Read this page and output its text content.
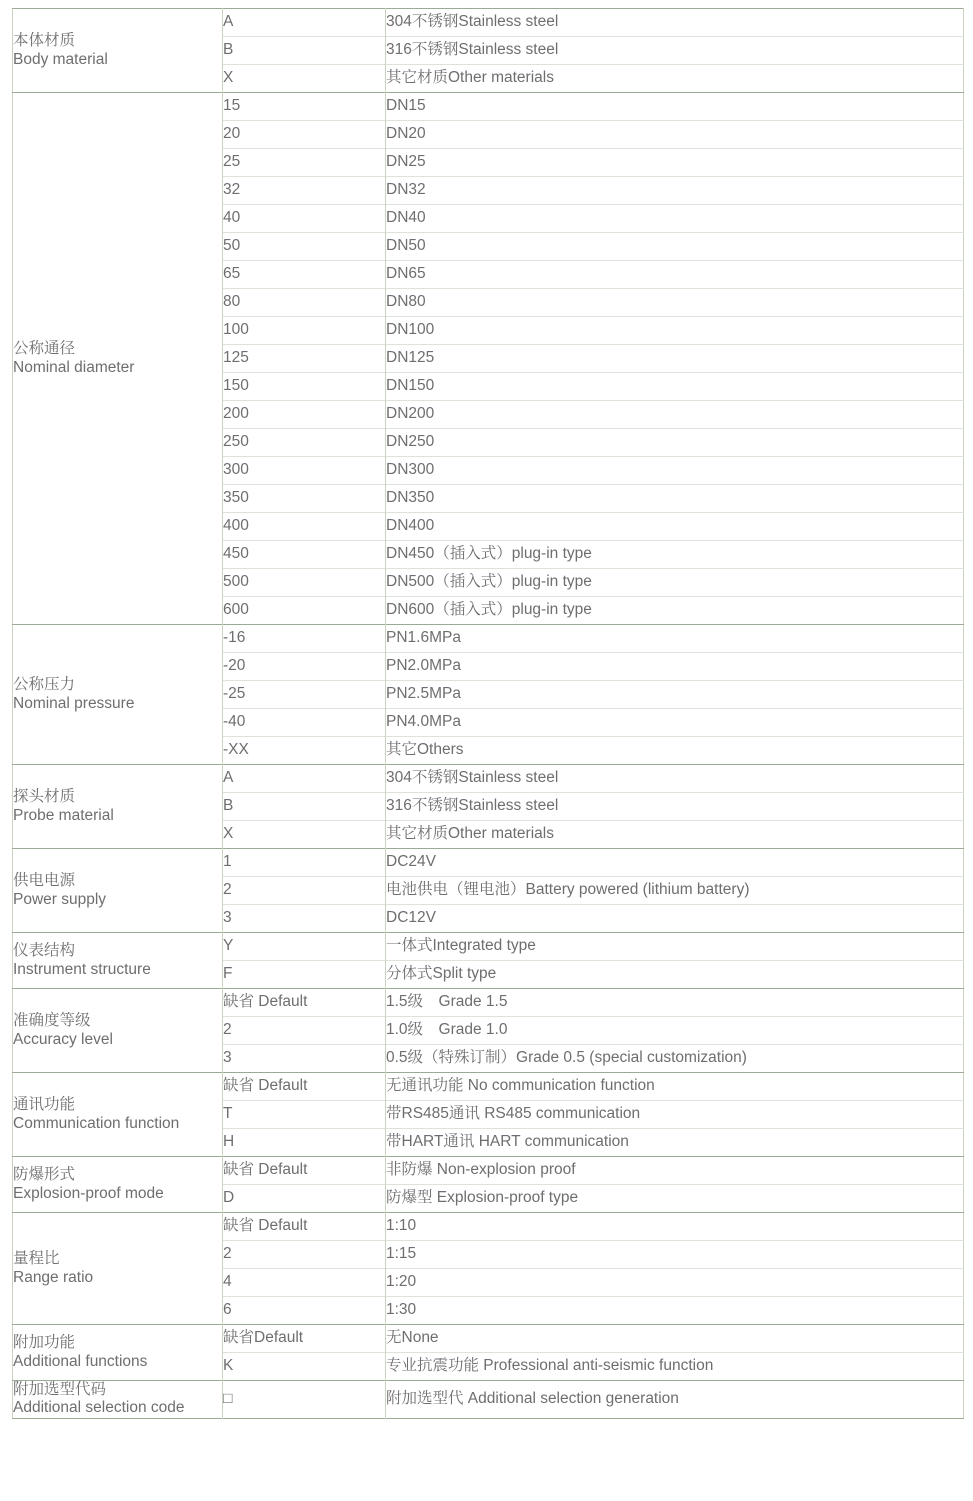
本体材质
Body material	A	304不锈钢Stainless steel
	B	316不锈钢Stainless steel
	X	其它材质Other materials

公称通径
Nominal diameter	15	DN15
	20	DN20
	25	DN25
	32	DN32
	40	DN40
	50	DN50
	65	DN65
	80	DN80
	100	DN100
	125	DN125
	150	DN150
	200	DN200
	250	DN250
	300	DN300
	350	DN350
	400	DN400
	450	DN450（插入式）plug-in type
	500	DN500（插入式）plug-in type
	600	DN600（插入式）plug-in type

公称压力
Nominal pressure	-16	PN1.6MPa
	-20	PN2.0MPa
	-25	PN2.5MPa
	-40	PN4.0MPa
	-XX	其它Others

探头材质
Probe material	A	304不锈钢Stainless steel
	B	316不锈钢Stainless steel
	X	其它材质Other materials

供电电源
Power supply	1	DC24V
	2	电池供电（锂电池）Battery powered (lithium battery)
	3	DC12V

仪表结构
Instrument structure	Y	一体式Integrated type
	F	分体式Split type

准确度等级
Accuracy level	缺省 Default	1.5级　Grade 1.5
	2	1.0级　Grade 1.0
	3	0.5级（特殊订制）Grade 0.5 (special customization)

通讯功能
Communication function	缺省 Default	无通讯功能 No communication function
	T	带RS485通讯 RS485 communication
	H	带HART通讯 HART communication

防爆形式
Explosion-proof mode	缺省 Default	非防爆 Non-explosion proof
	D	防爆型 Explosion-proof type

量程比
Range ratio	缺省 Default	1:10
	2	1:15
	4	1:20
	6	1:30

附加功能
Additional functions	缺省Default	无None
	K	专业抗震功能 Professional anti-seismic function

附加选型代码
Additional selection code	□	附加选型代 Additional selection generation
